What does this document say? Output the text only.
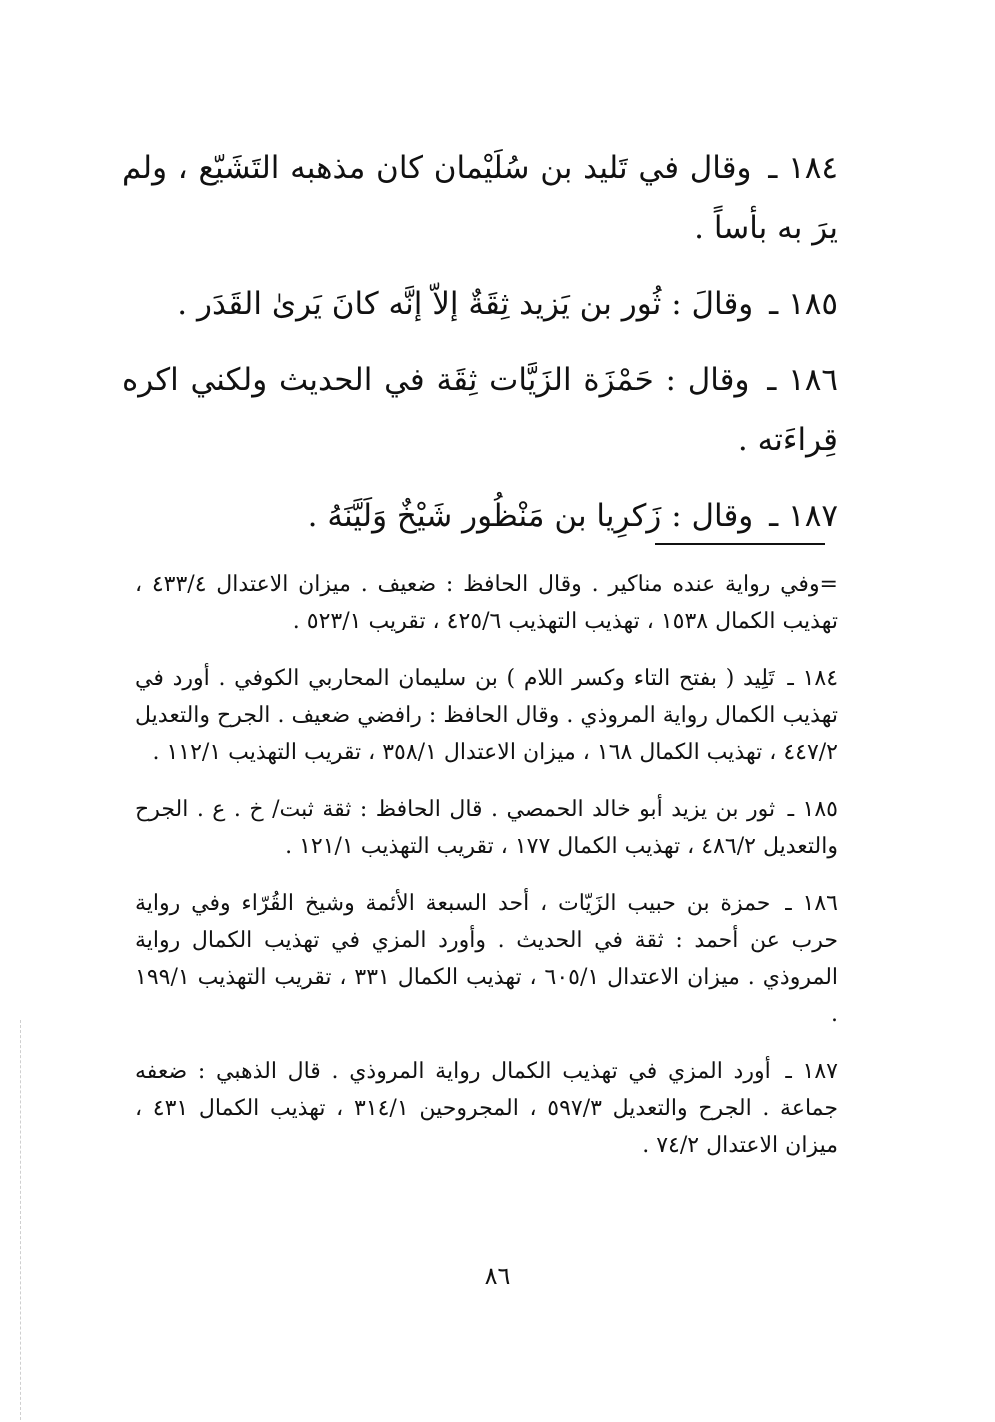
١٨٤ ـ وقال في تَليد بن سُلَيْمان كان مذهبه التَشَيّع ، ولم يرَ به بأساً .

١٨٥ ـ وقالَ : ثُور بن يَزيد ثِقَةٌ إلاّ إنَّه كانَ يَرىٰ القَدَر .

١٨٦ ـ وقال : حَمْزَة الزَيَّات ثِقَة في الحديث ولكني اكره قِراءَته .

١٨٧ ـ وقال : زَكرِيا بن مَنْظُور شَيْخٌ وَلَيَّنَهُ .

=وفي رواية عنده مناكير . وقال الحافظ : ضعيف . ميزان الاعتدال ٤٣٣/٤ ، تهذيب الكمال ١٥٣٨ ، تهذيب التهذيب ٤٢٥/٦ ، تقريب ٥٢٣/١ .

١٨٤ ـ تَلِيد ( بفتح التاء وكسر اللام ) بن سليمان المحاربي الكوفي . أورد في تهذيب الكمال رواية المروذي . وقال الحافظ : رافضي ضعيف . الجرح والتعديل ٤٤٧/٢ ، تهذيب الكمال ١٦٨ ، ميزان الاعتدال ٣٥٨/١ ، تقريب التهذيب ١١٢/١ .

١٨٥ ـ ثور بن يزيد أبو خالد الحمصي . قال الحافظ : ثقة ثبت/ خ . ع . الجرح والتعديل ٤٨٦/٢ ، تهذيب الكمال ١٧٧ ، تقريب التهذيب ١٢١/١ .

١٨٦ ـ حمزة بن حبيب الزَيّات ، أحد السبعة الأئمة وشيخ القُرّاء وفي رواية حرب عن أحمد : ثقة في الحديث . وأورد المزي في تهذيب الكمال رواية المروذي . ميزان الاعتدال ٦٠٥/١ ، تهذيب الكمال ٣٣١ ، تقريب التهذيب ١٩٩/١ .

١٨٧ ـ أورد المزي في تهذيب الكمال رواية المروذي . قال الذهبي : ضعفه جماعة . الجرح والتعديل ٥٩٧/٣ ، المجروحين ٣١٤/١ ، تهذيب الكمال ٤٣١ ، ميزان الاعتدال ٧٤/٢ .

٨٦
